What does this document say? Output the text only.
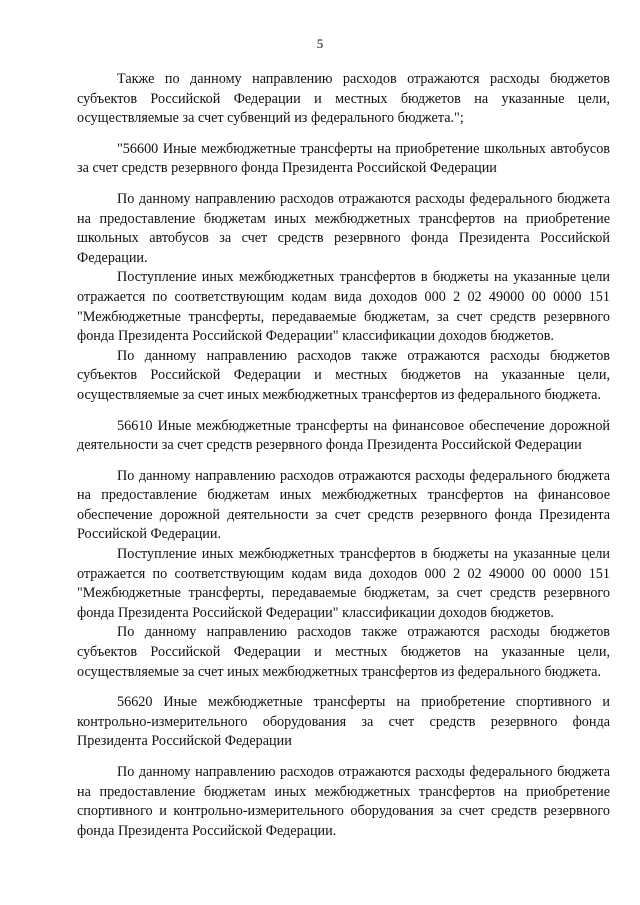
5

Также по данному направлению расходов отражаются расходы бюджетов субъектов Российской Федерации и местных бюджетов на указанные цели, осуществляемые за счет субвенций из федерального бюджета.";

"56600 Иные межбюджетные трансферты на приобретение школьных автобусов за счет средств резервного фонда Президента Российской Федерации

По данному направлению расходов отражаются расходы федерального бюджета на предоставление бюджетам иных межбюджетных трансфертов на приобретение школьных автобусов за счет средств резервного фонда Президента Российской Федерации.

Поступление иных межбюджетных трансфертов в бюджеты на указанные цели отражается по соответствующим кодам вида доходов 000 2 02 49000 00 0000 151 "Межбюджетные трансферты, передаваемые бюджетам, за счет средств резервного фонда Президента Российской Федерации" классификации доходов бюджетов.

По данному направлению расходов также отражаются расходы бюджетов субъектов Российской Федерации и местных бюджетов на указанные цели, осуществляемые за счет иных межбюджетных трансфертов из федерального бюджета.

56610 Иные межбюджетные трансферты на финансовое обеспечение дорожной деятельности за счет средств резервного фонда Президента Российской Федерации

По данному направлению расходов отражаются расходы федерального бюджета на предоставление бюджетам иных межбюджетных трансфертов на финансовое обеспечение дорожной деятельности за счет средств резервного фонда Президента Российской Федерации.

Поступление иных межбюджетных трансфертов в бюджеты на указанные цели отражается по соответствующим кодам вида доходов 000 2 02 49000 00 0000 151 "Межбюджетные трансферты, передаваемые бюджетам, за счет средств резервного фонда Президента Российской Федерации" классификации доходов бюджетов.

По данному направлению расходов также отражаются расходы бюджетов субъектов Российской Федерации и местных бюджетов на указанные цели, осуществляемые за счет иных межбюджетных трансфертов из федерального бюджета.

56620 Иные межбюджетные трансферты на приобретение спортивного и контрольно-измерительного оборудования за счет средств резервного фонда Президента Российской Федерации

По данному направлению расходов отражаются расходы федерального бюджета на предоставление бюджетам иных межбюджетных трансфертов на приобретение спортивного и контрольно-измерительного оборудования за счет средств резервного фонда Президента Российской Федерации.
